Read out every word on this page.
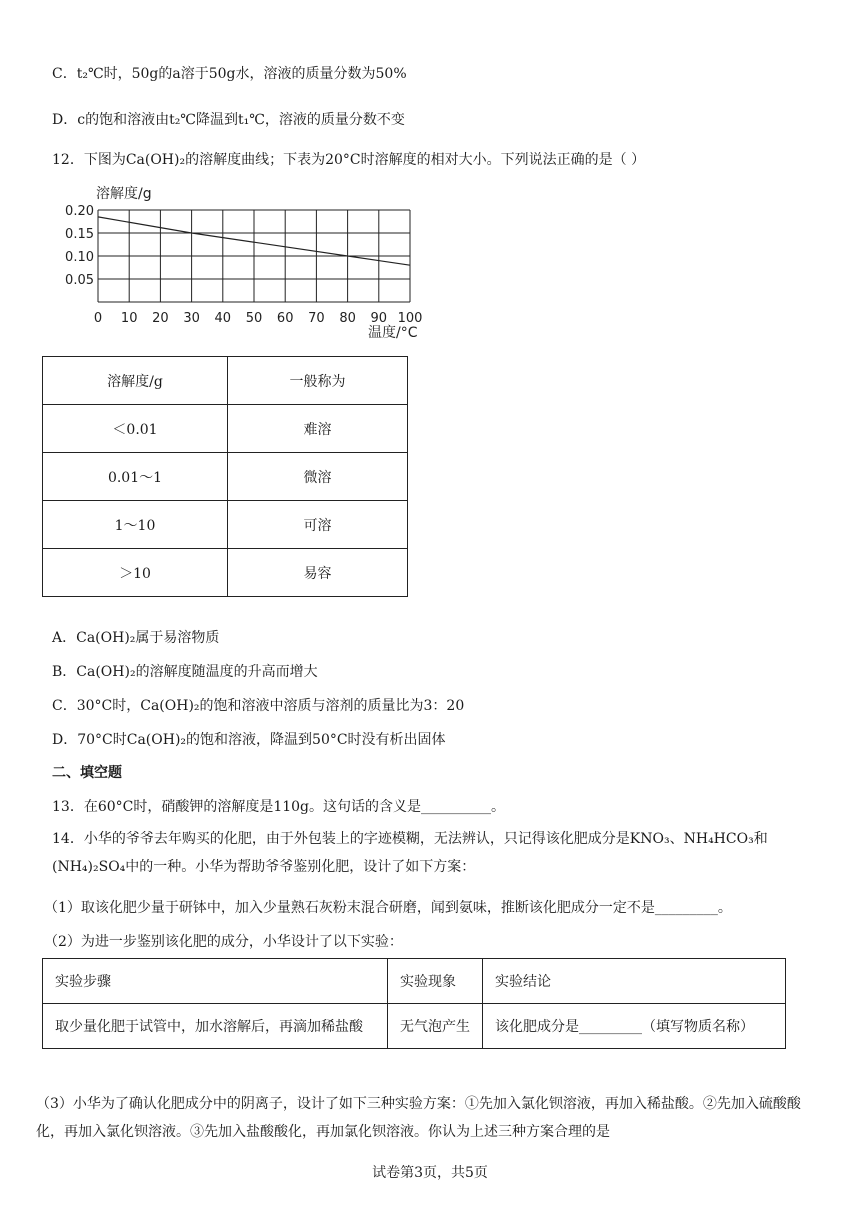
C．t₂℃时，50g的a溶于50g水，溶液的质量分数为50%
D．c的饱和溶液由t₂℃降温到t₁℃，溶液的质量分数不变
12．下图为Ca(OH)₂的溶解度曲线；下表为20°C时溶解度的相对大小。下列说法正确的是（ ）
溶解度/g
0.20
0.15
0.10
0.05
0 10 20 30 40 50 60 70 80 90 100
温度/°C
溶解度/g	一般称为
＜0.01	难溶
0.01～1	微溶
1～10	可溶
＞10	易容
A．Ca(OH)₂属于易溶物质
B．Ca(OH)₂的溶解度随温度的升高而增大
C．30°C时，Ca(OH)₂的饱和溶液中溶质与溶剂的质量比为3：20
D．70°C时Ca(OH)₂的饱和溶液，降温到50°C时没有析出固体
二、填空题
13．在60°C时，硝酸钾的溶解度是110g。这句话的含义是__________。
14．小华的爷爷去年购买的化肥，由于外包装上的字迹模糊，无法辨认，只记得该化肥成分是KNO₃、NH₄HCO₃和(NH₄)₂SO₄中的一种。小华为帮助爷爷鉴别化肥，设计了如下方案：
（1）取该化肥少量于研钵中，加入少量熟石灰粉末混合研磨，闻到氨味，推断该化肥成分一定不是_________。
（2）为进一步鉴别该化肥的成分，小华设计了以下实验：
实验步骤	实验现象	实验结论
取少量化肥于试管中，加水溶解后，再滴加稀盐酸	无气泡产生	该化肥成分是_________（填写物质名称）
（3）小华为了确认化肥成分中的阴离子，设计了如下三种实验方案：①先加入氯化钡溶液，再加入稀盐酸。②先加入硫酸酸化，再加入氯化钡溶液。③先加入盐酸酸化，再加氯化钡溶液。你认为上述三种方案合理的是
试卷第3页，共5页
